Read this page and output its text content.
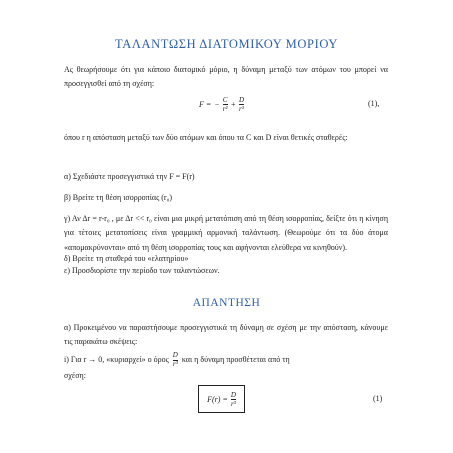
ΤΑΛΑΝΤΩΣΗ ΔΙΑΤΟΜΙΚΟΥ ΜΟΡΙΟΥ
Ας θεωρήσουμε ότι για κάποιο διατομικό μόριο, η δύναμη μεταξύ των ατόμων του μπορεί να προσεγγισθεί από τη σχέση:
F = − $\frac{C}{\text{r²}} + \frac{D}{\text{r³}}$	(1),
όπου r η απόσταση μεταξύ των δύο ατόμων και όπου τα C και D είναι θετικές σταθερές:
α) Σχεδιάστε προσεγγιστικά την F = F(r)
β) Βρείτε τη θέση ισορροπίας (r₀)
γ) Αν Δr = r-r₀ , με Δr << r₀ είναι μια μικρή μετατόπιση από τη θέση ισορροπίας, δείξτε ότι η κίνηση για τέτοιες μετατοπίσεις είναι γραμμική αρμονική ταλάντωση. (Θεωρούμε ότι τα δύο άτομα «απομακρύνονται» από τη θέση ισορροπίας τους και αφήνονται ελεύθερα να κινηθούν).
δ) Βρείτε τη σταθερά του «ελατηρίου»
ε) Προσδιορίστε την περίοδο των ταλαντώσεων.
ΑΠΑΝΤΗΣΗ
α) Προκειμένου να παραστήσουμε προσεγγιστικά τη δύναμη σε σχέση με την απόσταση, κάνουμε τις παρακάτω σκέψεις:
i) Για r → 0, «κυριαρχεί» ο όρος $\frac{D}{\text{r³}}$ και η δύναμη προσθέτεται από τη
σχέση:
$F(r) = \frac{D}{\text{r³}}$	(1)
